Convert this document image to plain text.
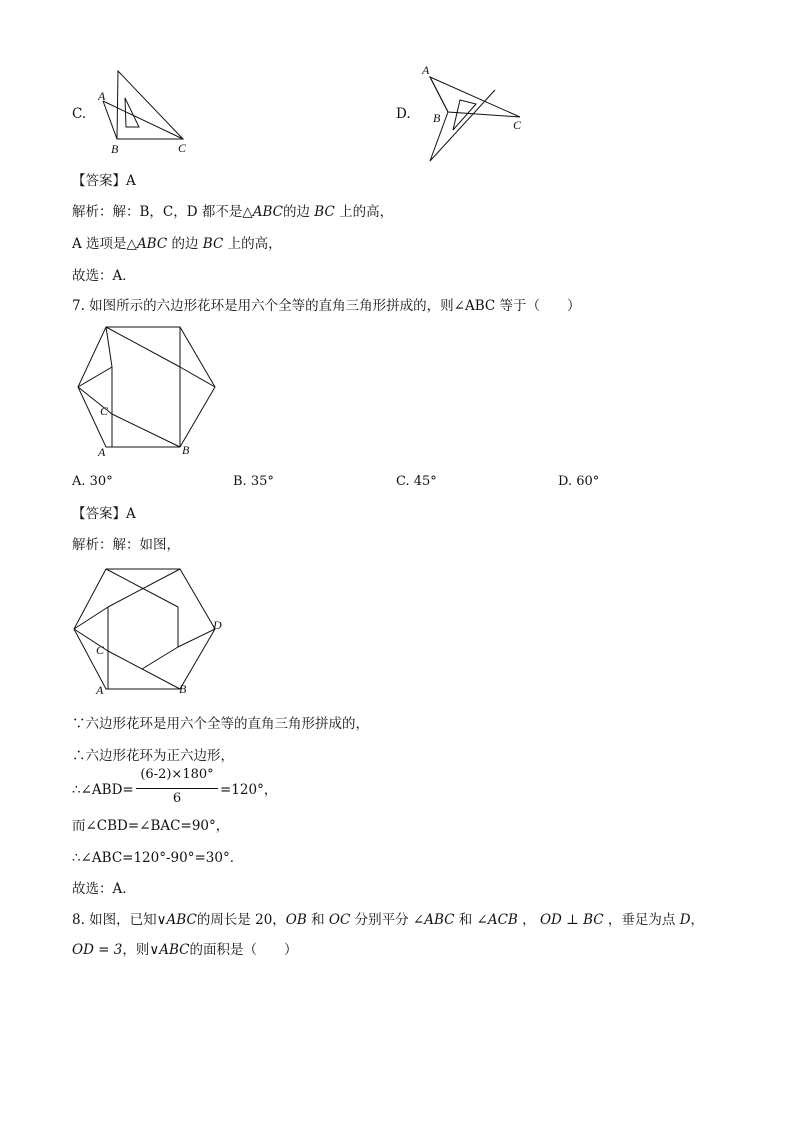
C.
A
B	C
D.
A
B	C
【答案】A
解析：解：B，C，D 都不是△ABC的边 BC 上的高，
A 选项是△ABC 的边 BC 上的高，
故选：A．
7. 如图所示的六边形花环是用六个全等的直角三角形拼成的，则∠ABC 等于（　　）
C
A	B
A. 30°	B. 35°	C. 45°	D. 60°
【答案】A
解析：解：如图，
C
A	B
D
∵六边形花环是用六个全等的直角三角形拼成的，
∴六边形花环为正六边形，
∴∠ABD=
(6-2)×180°
6
=120°，
而∠CBD=∠BAC=90°，
∴∠ABC=120°-90°=30°．
故选：A．
8. 如图，已知∨ABC的周长是 20，OB 和 OC 分别平分 ∠ABC 和 ∠ACB ， OD ⊥ BC ，垂足为点 D，
OD = 3，则∨ABC的面积是（　　）
